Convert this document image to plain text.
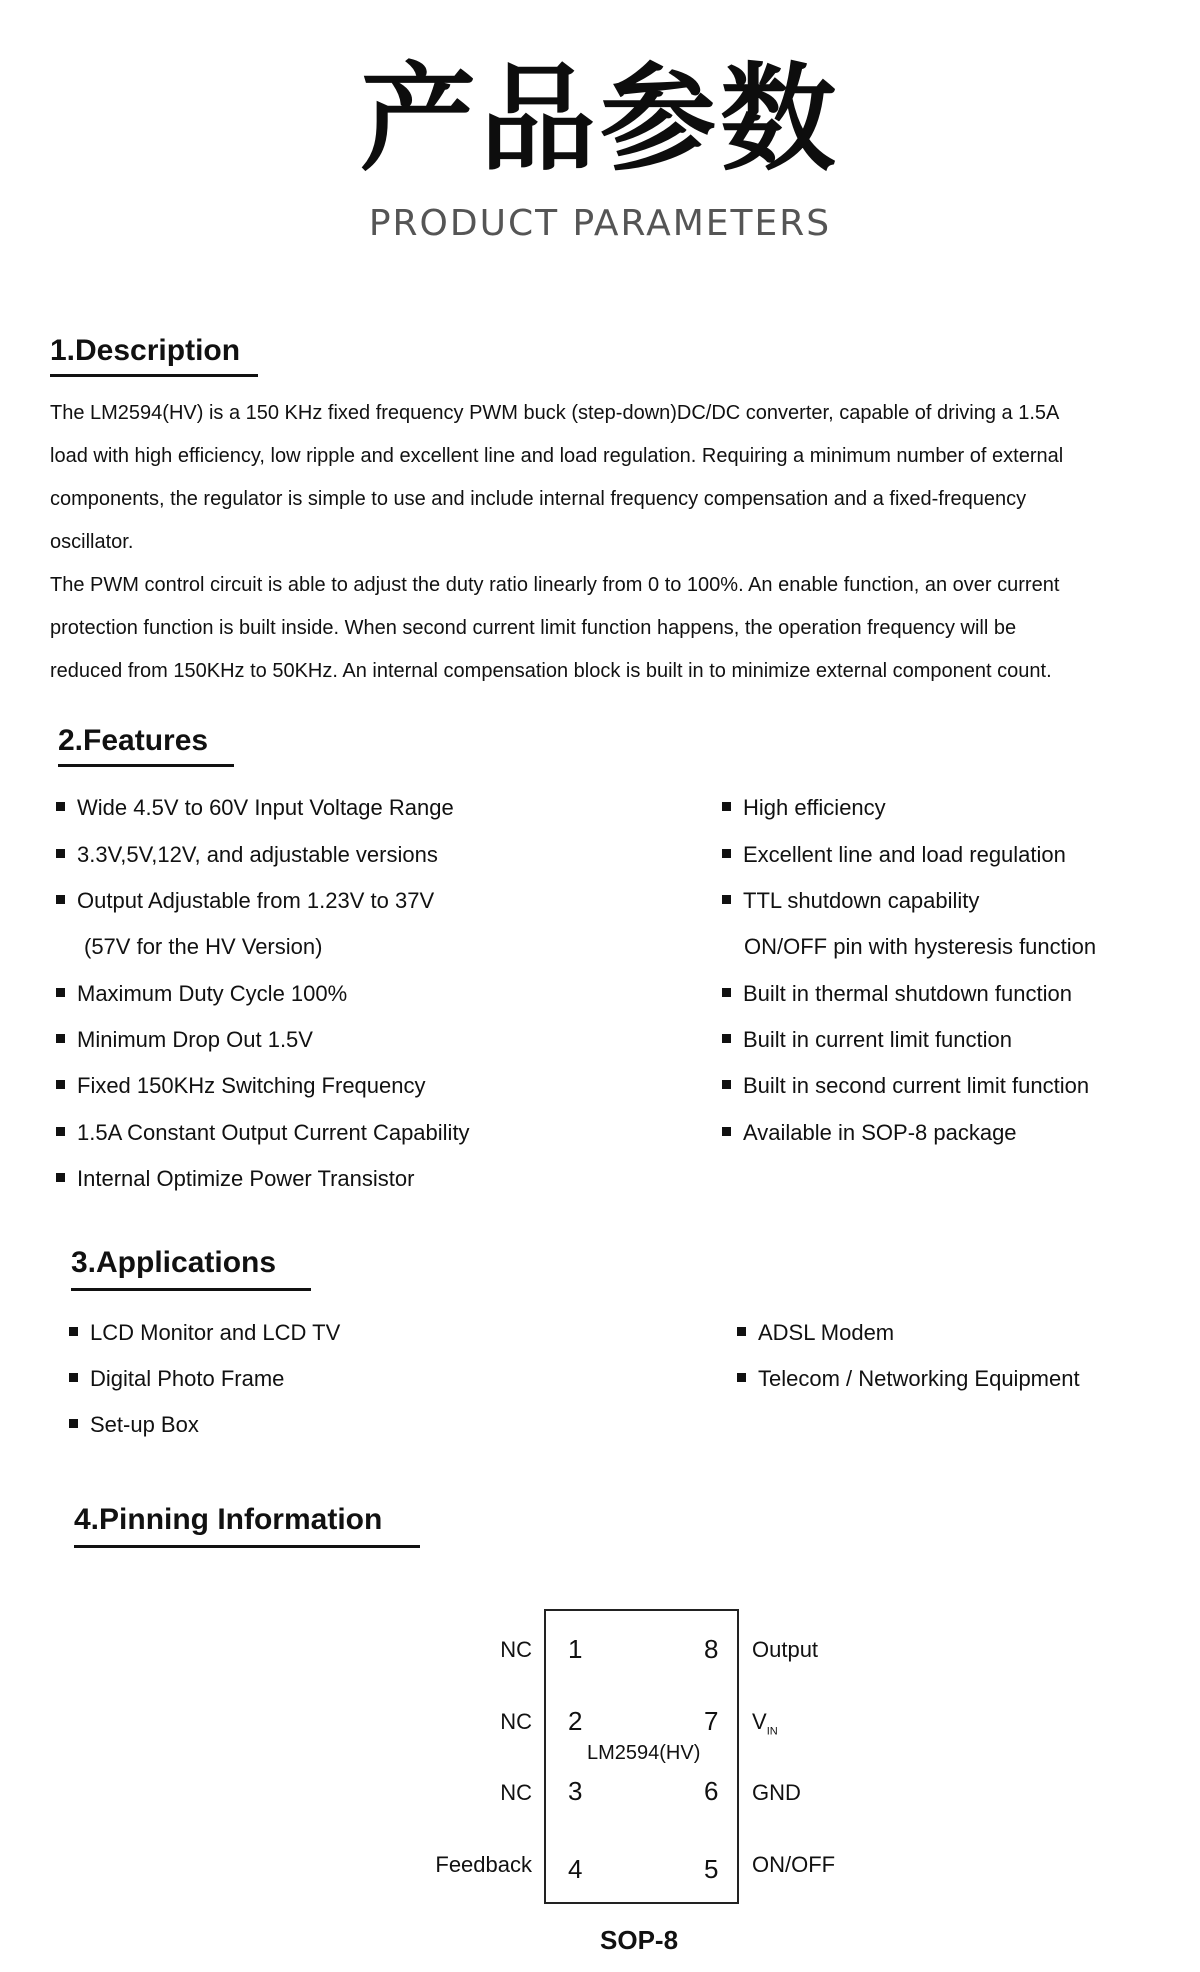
产品参数
PRODUCT PARAMETERS
1.Description
The LM2594(HV) is a 150 KHz fixed frequency PWM buck (step-down)DC/DC converter, capable of driving a 1.5A
load with high efficiency, low ripple and excellent line and load regulation. Requiring a minimum number of external
components, the regulator is simple to use and include internal frequency compensation and a fixed-frequency
oscillator.
The PWM control circuit is able to adjust the duty ratio linearly from 0 to 100%. An enable function, an over current
protection function is built inside. When second current limit function happens, the operation frequency will be
reduced from 150KHz to 50KHz. An internal compensation block is built in to minimize external component count.
2.Features
Wide 4.5V to 60V Input Voltage Range
3.3V,5V,12V, and adjustable versions
Output Adjustable from 1.23V to 37V
(57V for the HV Version)
Maximum Duty Cycle 100%
Minimum Drop Out 1.5V
Fixed 150KHz Switching Frequency
1.5A Constant Output Current Capability
Internal Optimize Power Transistor
High efficiency
Excellent line and load regulation
TTL shutdown capability
ON/OFF pin with hysteresis function
Built in thermal shutdown function
Built in current limit function
Built in second current limit function
Available in SOP-8 package
3.Applications
LCD Monitor and LCD TV
Digital Photo Frame
Set-up Box
ADSL Modem
Telecom / Networking Equipment
4.Pinning Information
1
2
3
4
8
7
6
5
LM2594(HV)
NC
NC
NC
Feedback
Output
$V_{IN}$
GND
ON/OFF
SOP-8
